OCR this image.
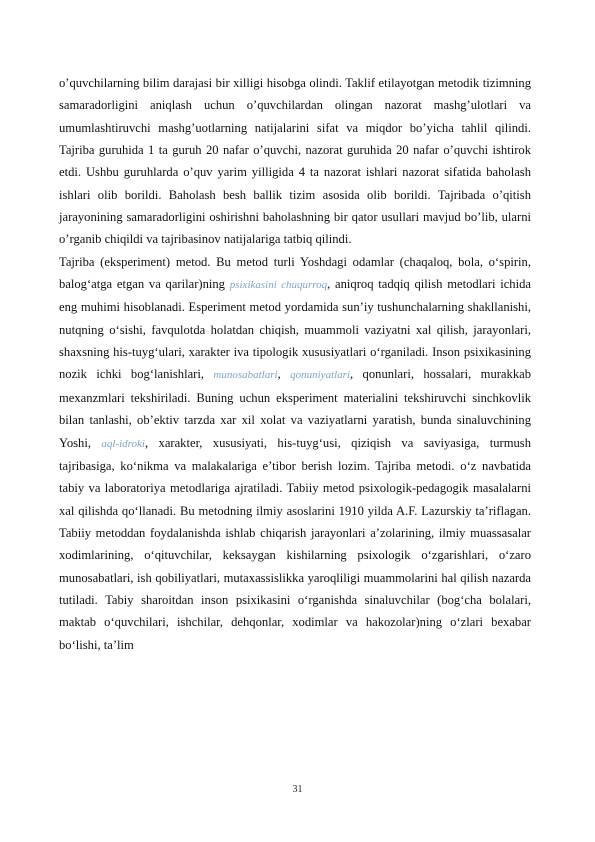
o’quvchilarning bilim darajasi bir xilligi hisobga olindi. Taklif etilayotgan metodik tizimning samaradorligini aniqlash uchun o’quvchilardan olingan nazorat mashg’ulotlari va umumlashtiruvchi mashg’uotlarning natijalarini sifat va miqdor bo’yicha tahlil qilindi. Tajriba guruhida 1 ta guruh 20 nafar o’quvchi, nazorat guruhida 20 nafar o’quvchi ishtirok etdi. Ushbu guruhlarda o’quv yarim yilligida 4 ta nazorat ishlari nazorat sifatida baholash ishlari olib borildi. Baholash besh ballik tizim asosida olib borildi. Tajribada o’qitish jarayonining samaradorligini oshirishni baholashning bir qator usullari mavjud bo’lib, ularni o’rganib chiqildi va tajribasinov natijalariga tatbiq qilindi.

Tajriba (eksperiment) metod. Bu metod turli Yoshdagi odamlar (chaqaloq, bola, o‘spirin, balog‘atga etgan va qarilar)ning psixikasini chuqurroq, aniqroq tadqiq qilish metodlari ichida eng muhimi hisoblanadi. Esperiment metod yordamida sun’iy tushunchalarning shakllanishi, nutqning o‘sishi, favqulotda holatdan chiqish, muammoli vaziyatni xal qilish, jarayonlari, shaxsning his-tuyg‘ulari, xarakter iva tipologik xususiyatlari o‘rganiladi. Inson psixikasining nozik ichki bog‘lanishlari, munosabatlari, qonuniyatlari, qonunlari, hossalari, murakkab mexanzmlari tekshiriladi. Buning uchun eksperiment materialini tekshiruvchi sinchkovlik bilan tanlashi, ob’ektiv tarzda xar xil xolat va vaziyatlarni yaratish, bunda sinaluvchining Yoshi, aql-idroki, xarakter, xususiyati, his-tuyg‘usi, qiziqish va saviyasiga, turmush tajribasiga, ko‘nikma va malakalariga e’tibor berish lozim. Tajriba metodi. o‘z navbatida tabiy va laboratoriya metodlariga ajratiladi. Tabiiy metod psixologik-pedagogik masalalarni xal qilishda qo‘llanadi. Bu metodning ilmiy asoslarini 1910 yilda A.F. Lazurskiy ta’riflagan. Tabiiy metoddan foydalanishda ishlab chiqarish jarayonlari a’zolarining, ilmiy muassasalar xodimlarining, o‘qituvchilar, keksaygan kishilarning psixologik o‘zgarishlari, o‘zaro munosabatlari, ish qobiliyatlari, mutaxassislikka yaroqliligi muammolarini hal qilish nazarda tutiladi. Tabiy sharoitdan inson psixikasini o‘rganishda sinaluvchilar (bog‘cha bolalari, maktab o‘quvchilari, ishchilar, dehqonlar, xodimlar va hakozolar)ning o‘zlari bexabar bo‘lishi, ta’lim

31
